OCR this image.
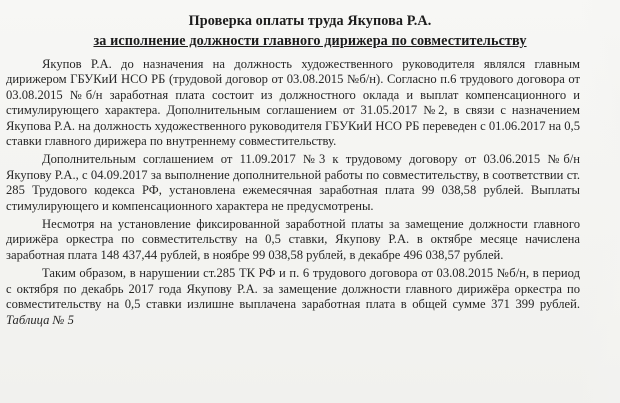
Проверка оплаты труда Якупова Р.А.
за исполнение должности главного дирижера по совместительству

Якупов Р.А. до назначения на должность художественного руководителя являлся главным дирижером ГБУКиИ НСО РБ (трудовой договор от 03.08.2015 №б/н). Согласно п.6 трудового договора от 03.08.2015 №б/н заработная плата состоит из должностного оклада и выплат компенсационного и стимулирующего характера. Дополнительным соглашением от 31.05.2017 №2, в связи с назначением Якупова Р.А. на должность художественного руководителя ГБУКиИ НСО РБ переведен с 01.06.2017 на 0,5 ставки главного дирижера по внутреннему совместительству.

Дополнительным соглашением от 11.09.2017 №3 к трудовому договору от 03.06.2015 №б/н Якупову Р.А., с 04.09.2017 за выполнение дополнительной работы по совместительству, в соответствии ст. 285 Трудового кодекса РФ, установлена ежемесячная заработная плата 99 038,58 рублей. Выплаты стимулирующего и компенсационного характера не предусмотрены.

Несмотря на установление фиксированной заработной платы за замещение должности главного дирижёра оркестра по совместительству на 0,5 ставки, Якупову Р.А. в октябре месяце начислена заработная плата 148 437,44 рублей, в ноябре 99 038,58 рублей, в декабре 496 038,57 рублей.

Таким образом, в нарушении ст.285 ТК РФ и п. 6 трудового договора от 03.08.2015 №б/н, в период с октября по декабрь 2017 года Якупову Р.А. за замещение должности главного дирижёра оркестра по совместительству на 0,5 ставки излишне выплачена заработная плата в общей сумме 371 399 рублей. Таблица № 5
